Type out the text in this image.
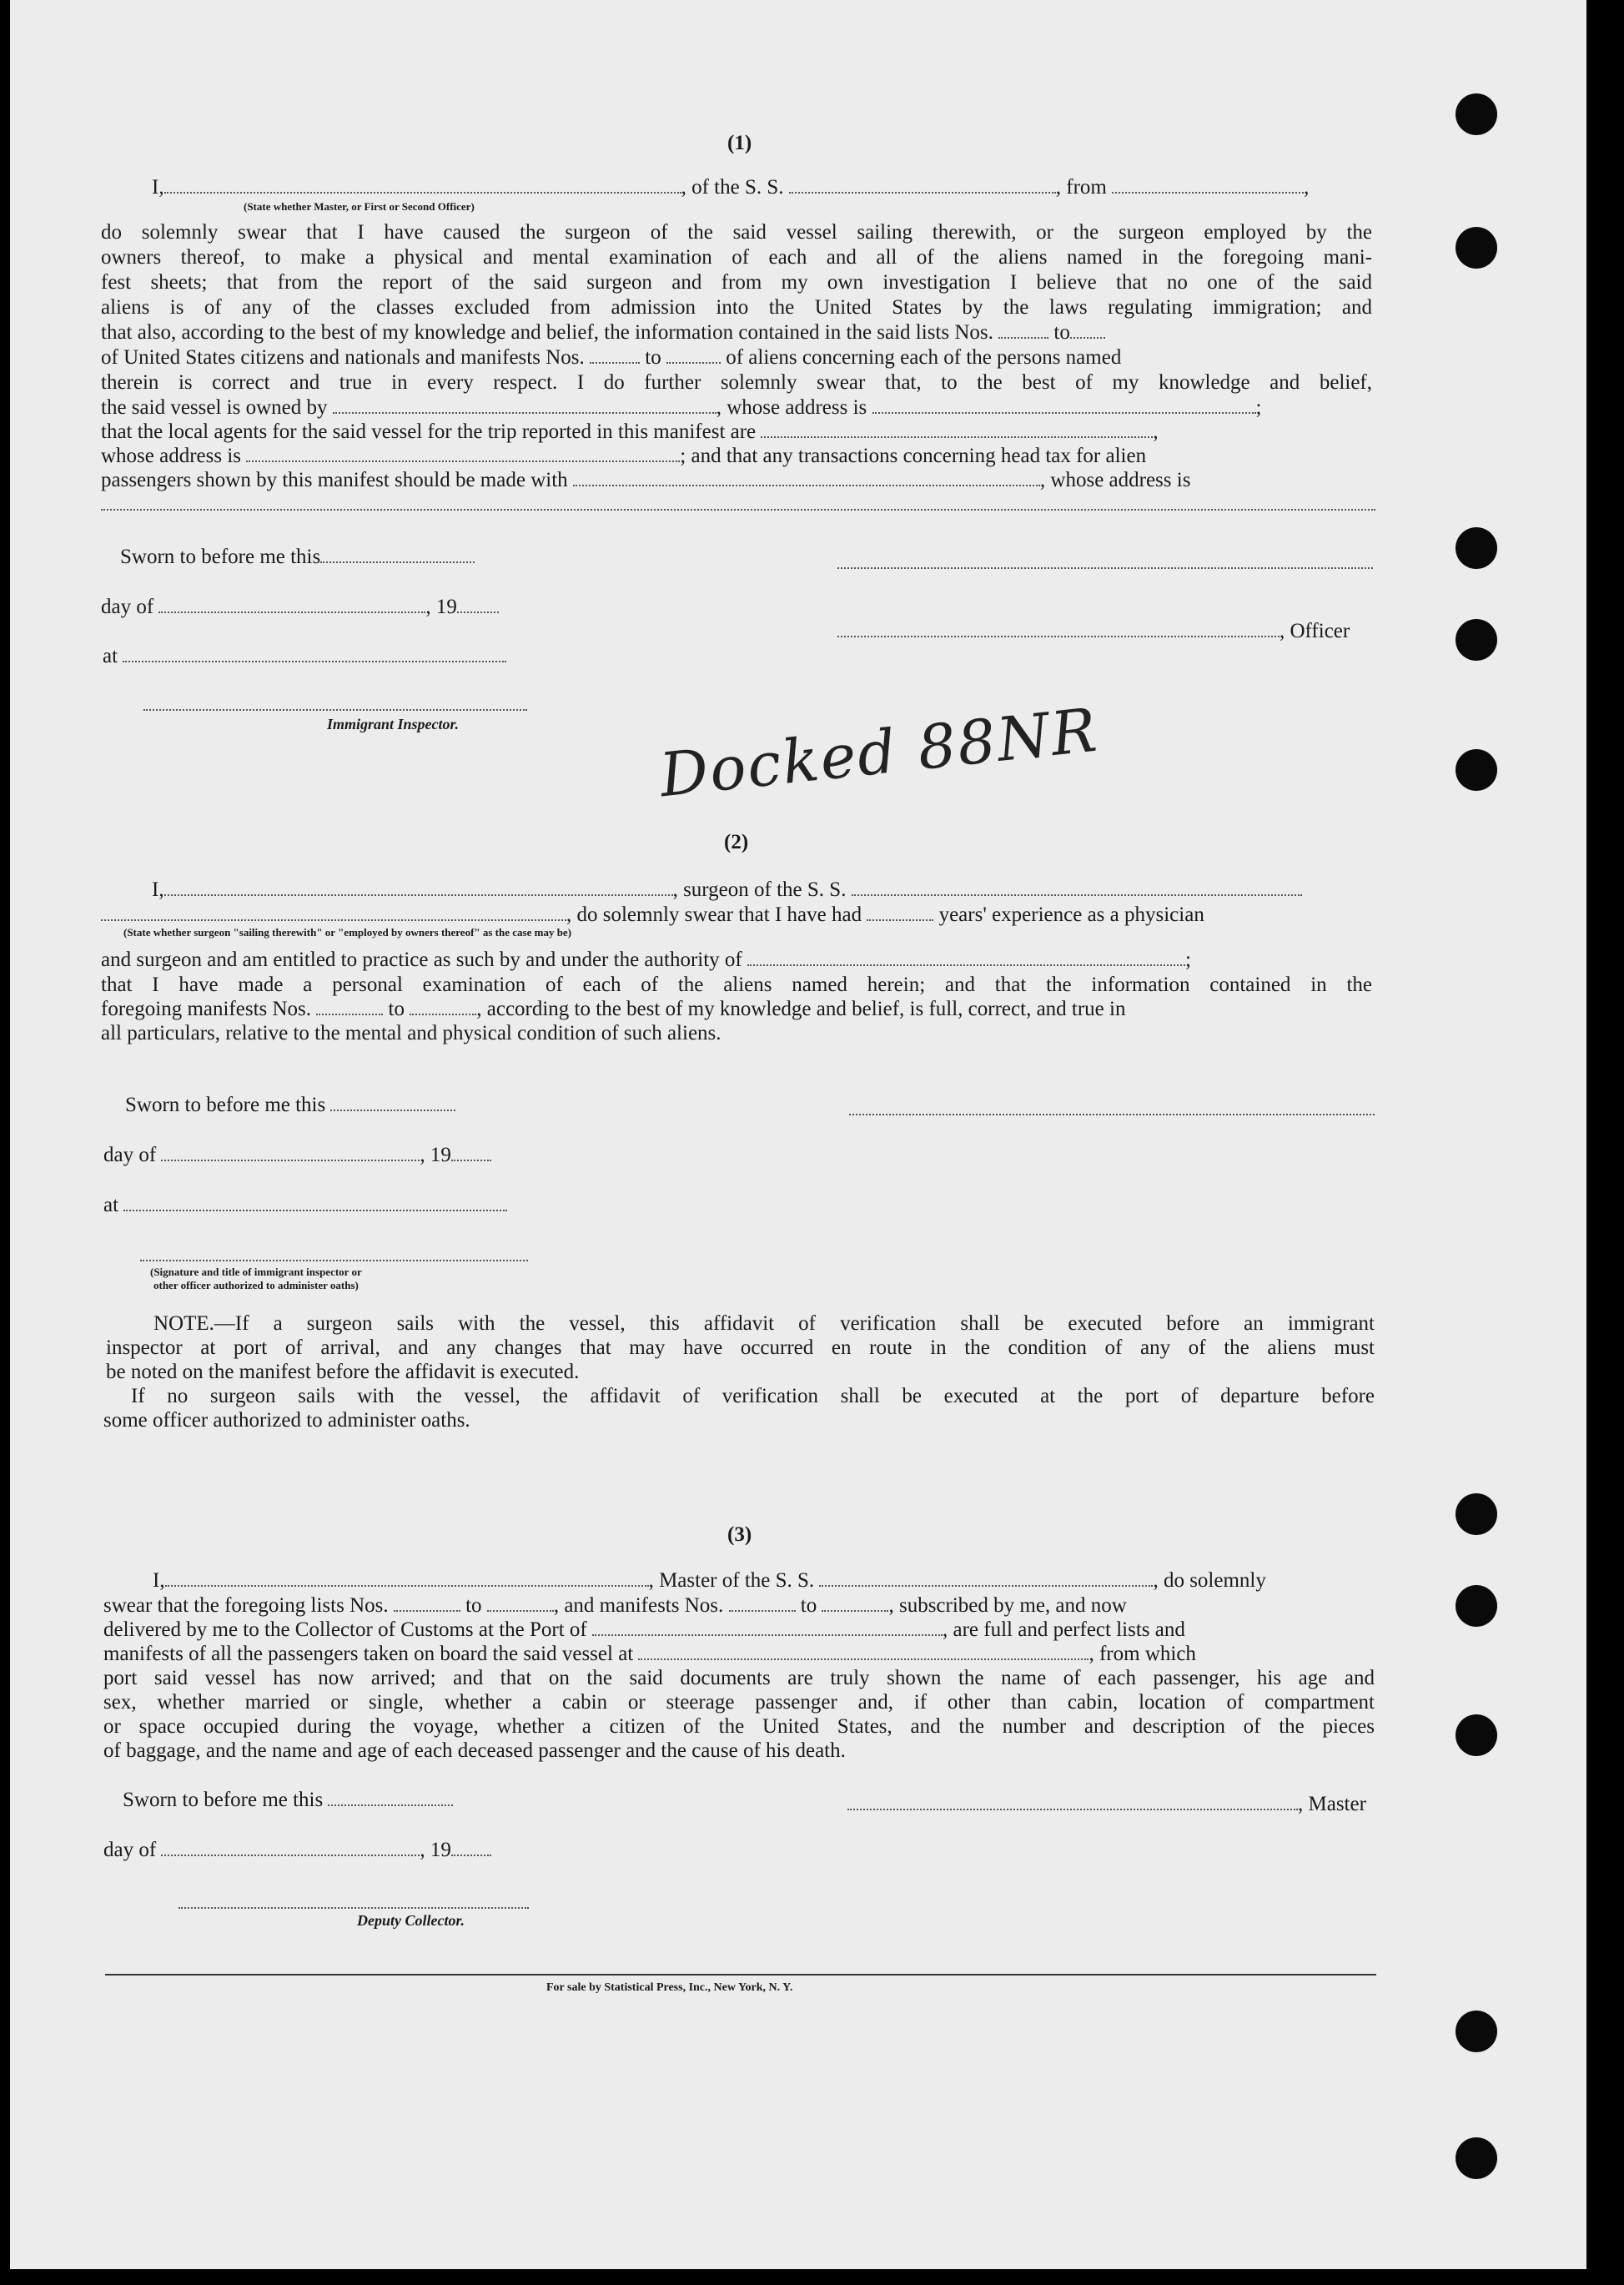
(1)
I,	, of the S. S.	, from	,
(State whether Master, or First or Second Officer)
do solemnly swear that I have caused the surgeon of the said vessel sailing therewith, or the surgeon employed by the
owners thereof, to make a physical and mental examination of each and all of the aliens named in the foregoing mani-
fest sheets; that from the report of the said surgeon and from my own investigation I believe that no one of the said
aliens is of any of the classes excluded from admission into the United States by the laws regulating immigration; and
that also, according to the best of my knowledge and belief, the information contained in the said lists Nos.	to
of United States citizens and nationals and manifests Nos.	to	of aliens concerning each of the persons named
therein is correct and true in every respect. I do further solemnly swear that, to the best of my knowledge and belief,
the said vessel is owned by	, whose address is	;
that the local agents for the said vessel for the trip reported in this manifest are	,
whose address is	; and that any transactions concerning head tax for alien
passengers shown by this manifest should be made with	, whose address is
Sworn to before me this
day of	, 19
, Officer
at
Immigrant Inspector.	Docked 88NR
(2)
I,	, surgeon of the S. S.
, do solemnly swear that I have had	years' experience as a physician
(State whether surgeon "sailing therewith" or "employed by owners thereof" as the case may be)
and surgeon and am entitled to practice as such by and under the authority of	;
that I have made a personal examination of each of the aliens named herein; and that the information contained in the
foregoing manifests Nos.	to	, according to the best of my knowledge and belief, is full, correct, and true in
all particulars, relative to the mental and physical condition of such aliens.
Sworn to before me this
day of	, 19
at
(Signature and title of immigrant inspector or
other officer authorized to administer oaths)
NOTE.—If a surgeon sails with the vessel, this affidavit of verification shall be executed before an immigrant
inspector at port of arrival, and any changes that may have occurred en route in the condition of any of the aliens must
be noted on the manifest before the affidavit is executed.
If no surgeon sails with the vessel, the affidavit of verification shall be executed at the port of departure before
some officer authorized to administer oaths.
(3)
I,	, Master of the S. S.	, do solemnly
swear that the foregoing lists Nos.	to	, and manifests Nos.	to	, subscribed by me, and now
delivered by me to the Collector of Customs at the Port of	, are full and perfect lists and
manifests of all the passengers taken on board the said vessel at	, from which
port said vessel has now arrived; and that on the said documents are truly shown the name of each passenger, his age and
sex, whether married or single, whether a cabin or steerage passenger and, if other than cabin, location of compartment
or space occupied during the voyage, whether a citizen of the United States, and the number and description of the pieces
of baggage, and the name and age of each deceased passenger and the cause of his death.
Sworn to before me this	, Master
day of	, 19
Deputy Collector.
For sale by Statistical Press, Inc., New York, N. Y.
